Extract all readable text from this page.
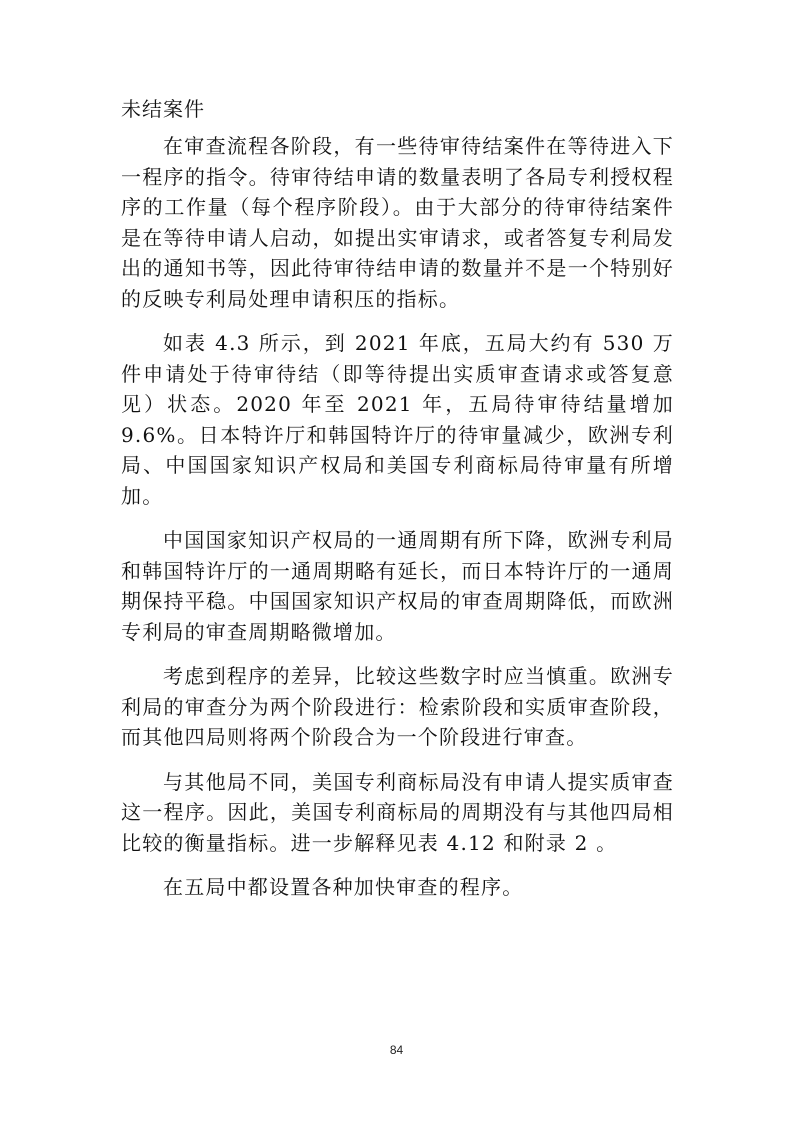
未结案件

在审查流程各阶段，有一些待审待结案件在等待进入下一程序的指令。待审待结申请的数量表明了各局专利授权程序的工作量（每个程序阶段）。由于大部分的待审待结案件是在等待申请人启动，如提出实审请求，或者答复专利局发出的通知书等，因此待审待结申请的数量并不是一个特别好的反映专利局处理申请积压的指标。

如表 4.3 所示，到 2021 年底，五局大约有 530 万件申请处于待审待结（即等待提出实质审查请求或答复意见）状态。2020 年至 2021 年，五局待审待结量增加 9.6%。日本特许厅和韩国特许厅的待审量减少，欧洲专利局、中国国家知识产权局和美国专利商标局待审量有所增加。

中国国家知识产权局的一通周期有所下降，欧洲专利局和韩国特许厅的一通周期略有延长，而日本特许厅的一通周期保持平稳。中国国家知识产权局的审查周期降低，而欧洲专利局的审查周期略微增加。

考虑到程序的差异，比较这些数字时应当慎重。欧洲专利局的审查分为两个阶段进行：检索阶段和实质审查阶段，而其他四局则将两个阶段合为一个阶段进行审查。

与其他局不同，美国专利商标局没有申请人提实质审查这一程序。因此，美国专利商标局的周期没有与其他四局相比较的衡量指标。进一步解释见表 4.12 和附录 2 。

在五局中都设置各种加快审查的程序。

84
